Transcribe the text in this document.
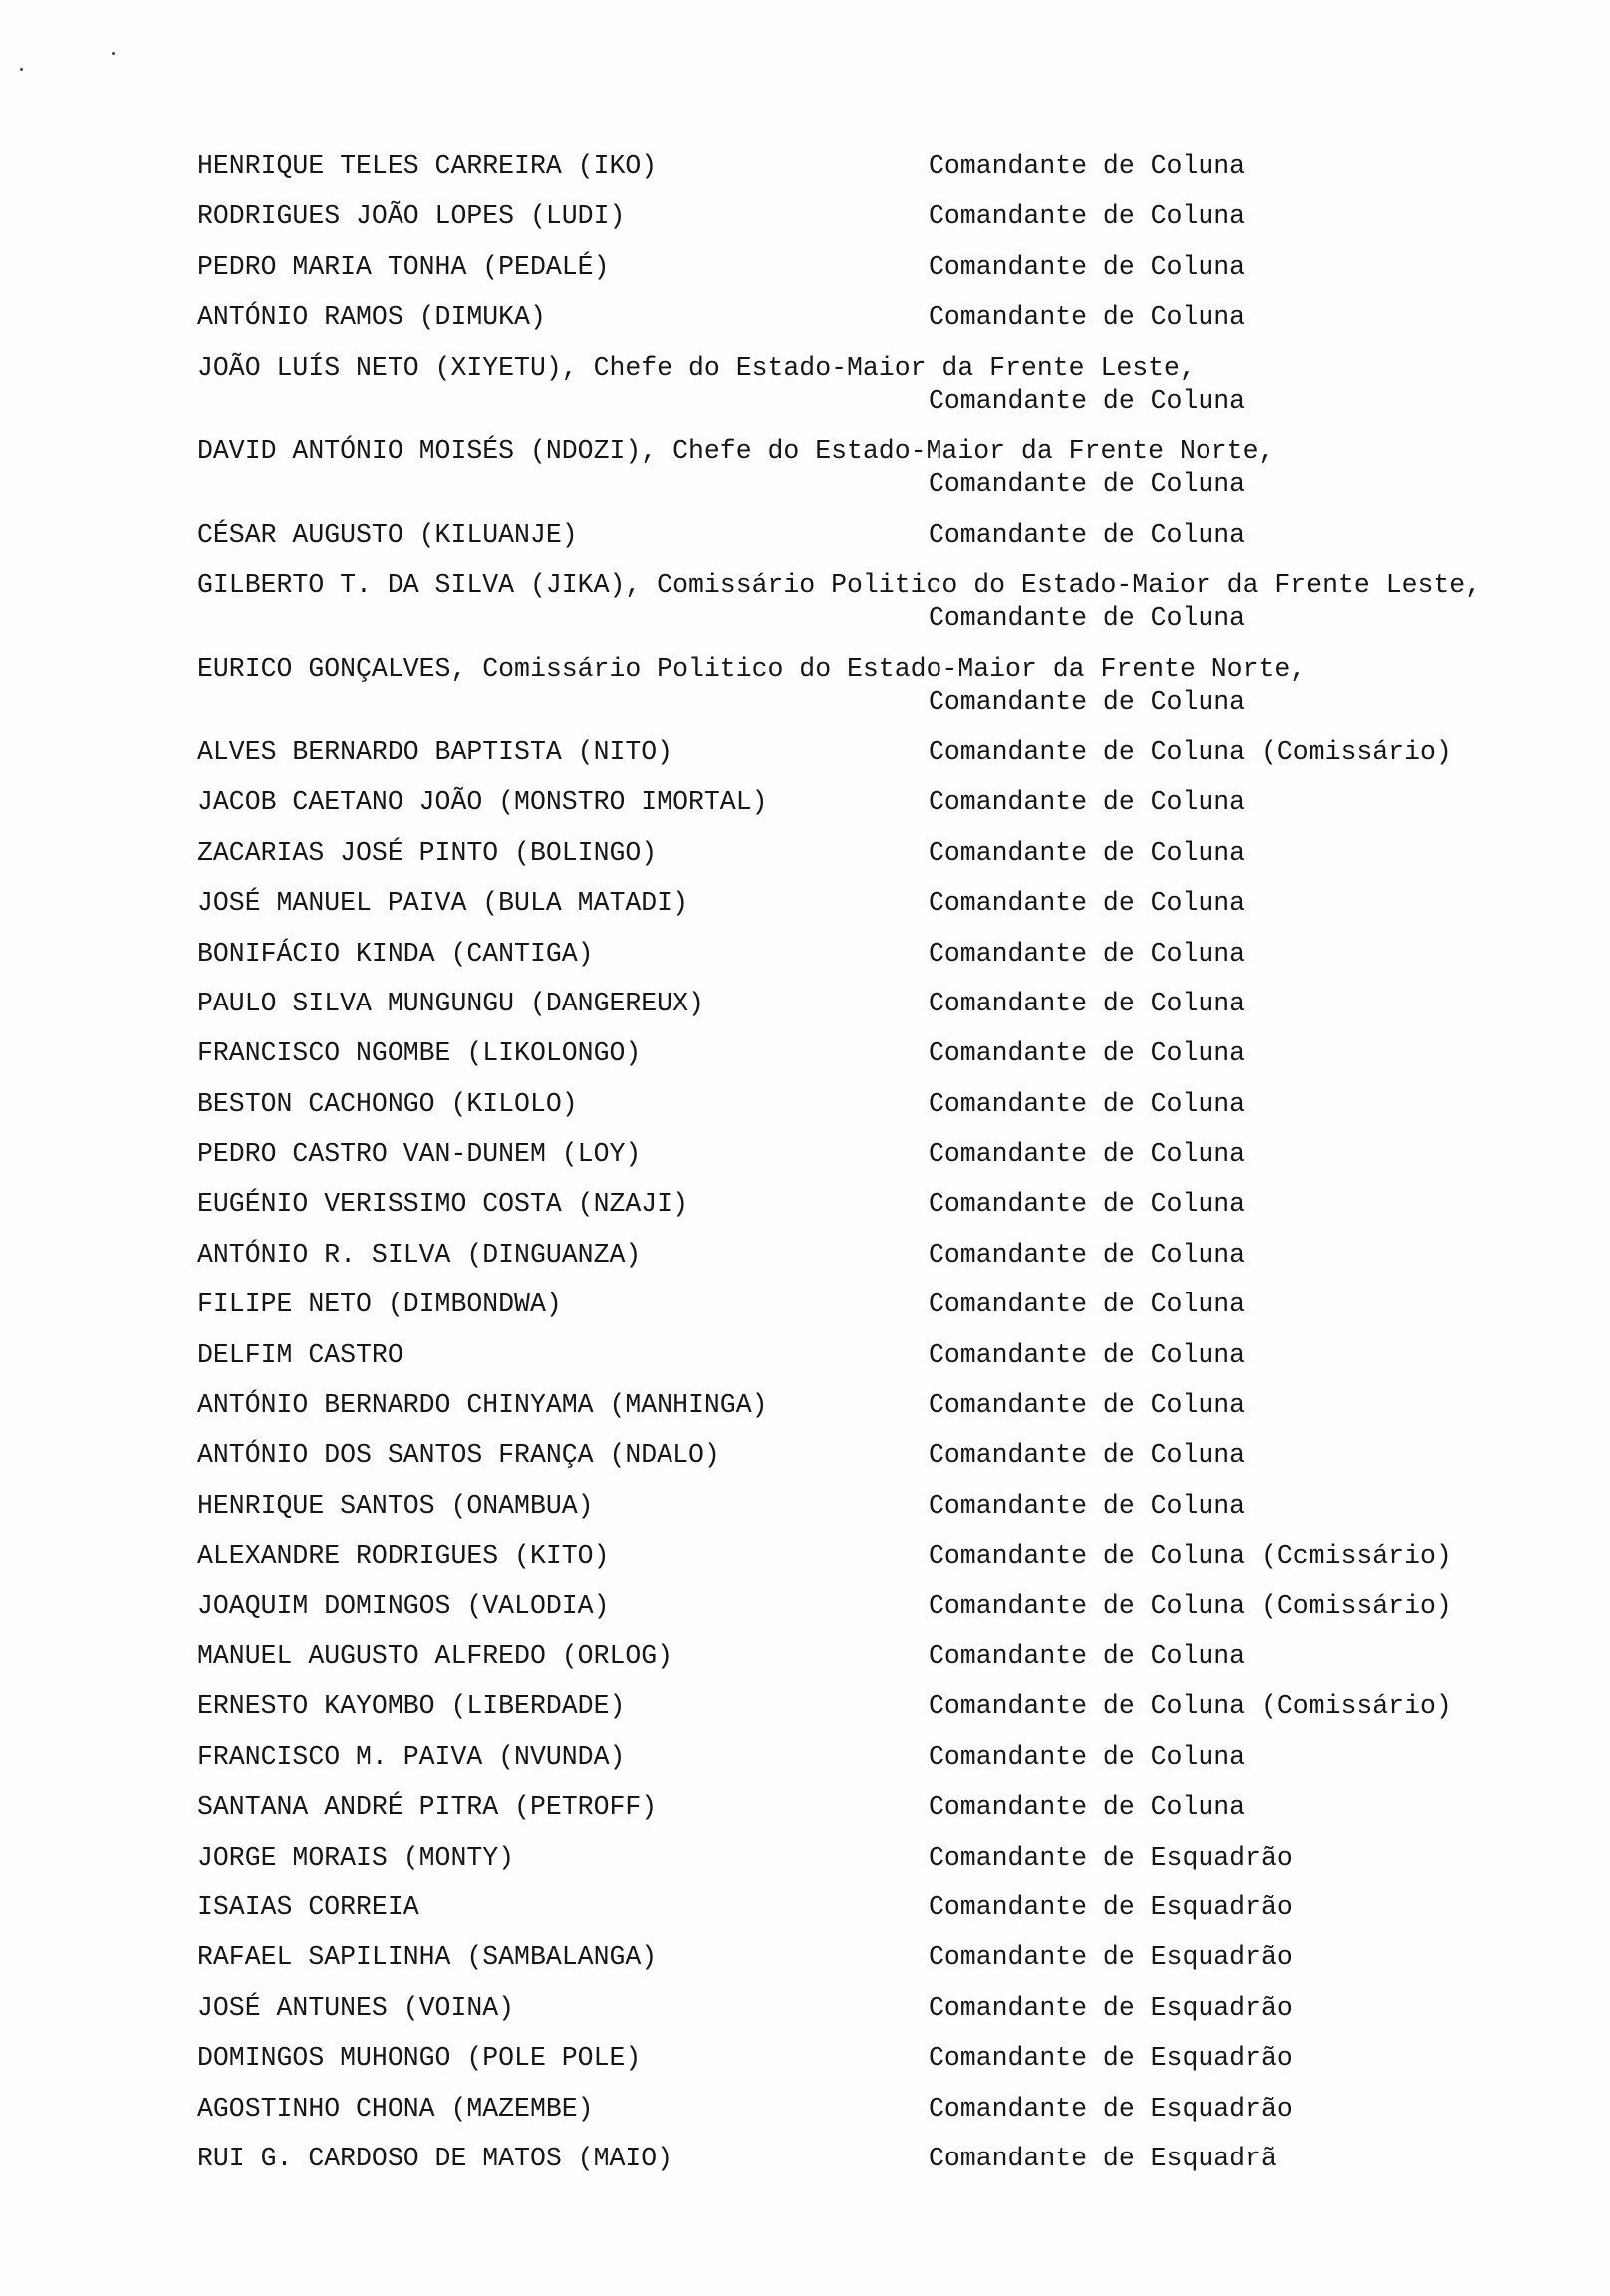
HENRIQUE TELES CARREIRA (IKO)	Comandante de Coluna
RODRIGUES JOÃO LOPES (LUDI)	Comandante de Coluna
PEDRO MARIA TONHA (PEDALÉ)	Comandante de Coluna
ANTÓNIO RAMOS (DIMUKA)	Comandante de Coluna
JOÃO LUÍS NETO (XIYETU), Chefe do Estado-Maior da Frente Leste,
Comandante de Coluna
DAVID ANTÓNIO MOISÉS (NDOZI), Chefe do Estado-Maior da Frente Norte,
Comandante de Coluna
CÉSAR AUGUSTO (KILUANJE)	Comandante de Coluna
GILBERTO T. DA SILVA (JIKA), Comissário Politico do Estado-Maior da Frente Leste,
Comandante de Coluna
EURICO GONÇALVES, Comissário Politico do Estado-Maior da Frente Norte,
Comandante de Coluna
ALVES BERNARDO BAPTISTA (NITO)	Comandante de Coluna (Comissário)
JACOB CAETANO JOÃO (MONSTRO IMORTAL)	Comandante de Coluna
ZACARIAS JOSÉ PINTO (BOLINGO)	Comandante de Coluna
JOSÉ MANUEL PAIVA (BULA MATADI)	Comandante de Coluna
BONIFÁCIO KINDA (CANTIGA)	Comandante de Coluna
PAULO SILVA MUNGUNGU (DANGEREUX)	Comandante de Coluna
FRANCISCO NGOMBE (LIKOLONGO)	Comandante de Coluna
BESTON CACHONGO (KILOLO)	Comandante de Coluna
PEDRO CASTRO VAN-DUNEM (LOY)	Comandante de Coluna
EUGÉNIO VERISSIMO COSTA (NZAJI)	Comandante de Coluna
ANTÓNIO R. SILVA (DINGUANZA)	Comandante de Coluna
FILIPE NETO (DIMBONDWA)	Comandante de Coluna
DELFIM CASTRO	Comandante de Coluna
ANTÓNIO BERNARDO CHINYAMA (MANHINGA)	Comandante de Coluna
ANTÓNIO DOS SANTOS FRANÇA (NDALO)	Comandante de Coluna
HENRIQUE SANTOS (ONAMBUA)	Comandante de Coluna
ALEXANDRE RODRIGUES (KITO)	Comandante de Coluna (Ccmissário)
JOAQUIM DOMINGOS (VALODIA)	Comandante de Coluna (Comissário)
MANUEL AUGUSTO ALFREDO (ORLOG)	Comandante de Coluna
ERNESTO KAYOMBO (LIBERDADE)	Comandante de Coluna (Comissário)
FRANCISCO M. PAIVA (NVUNDA)	Comandante de Coluna
SANTANA ANDRÉ PITRA (PETROFF)	Comandante de Coluna
JORGE MORAIS (MONTY)	Comandante de Esquadrão
ISAIAS CORREIA	Comandante de Esquadrão
RAFAEL SAPILINHA (SAMBALANGA)	Comandante de Esquadrão
JOSÉ ANTUNES (VOINA)	Comandante de Esquadrão
DOMINGOS MUHONGO (POLE POLE)	Comandante de Esquadrão
AGOSTINHO CHONA (MAZEMBE)	Comandante de Esquadrão
RUI G. CARDOSO DE MATOS (MAIO)	Comandante de Esquadrã
